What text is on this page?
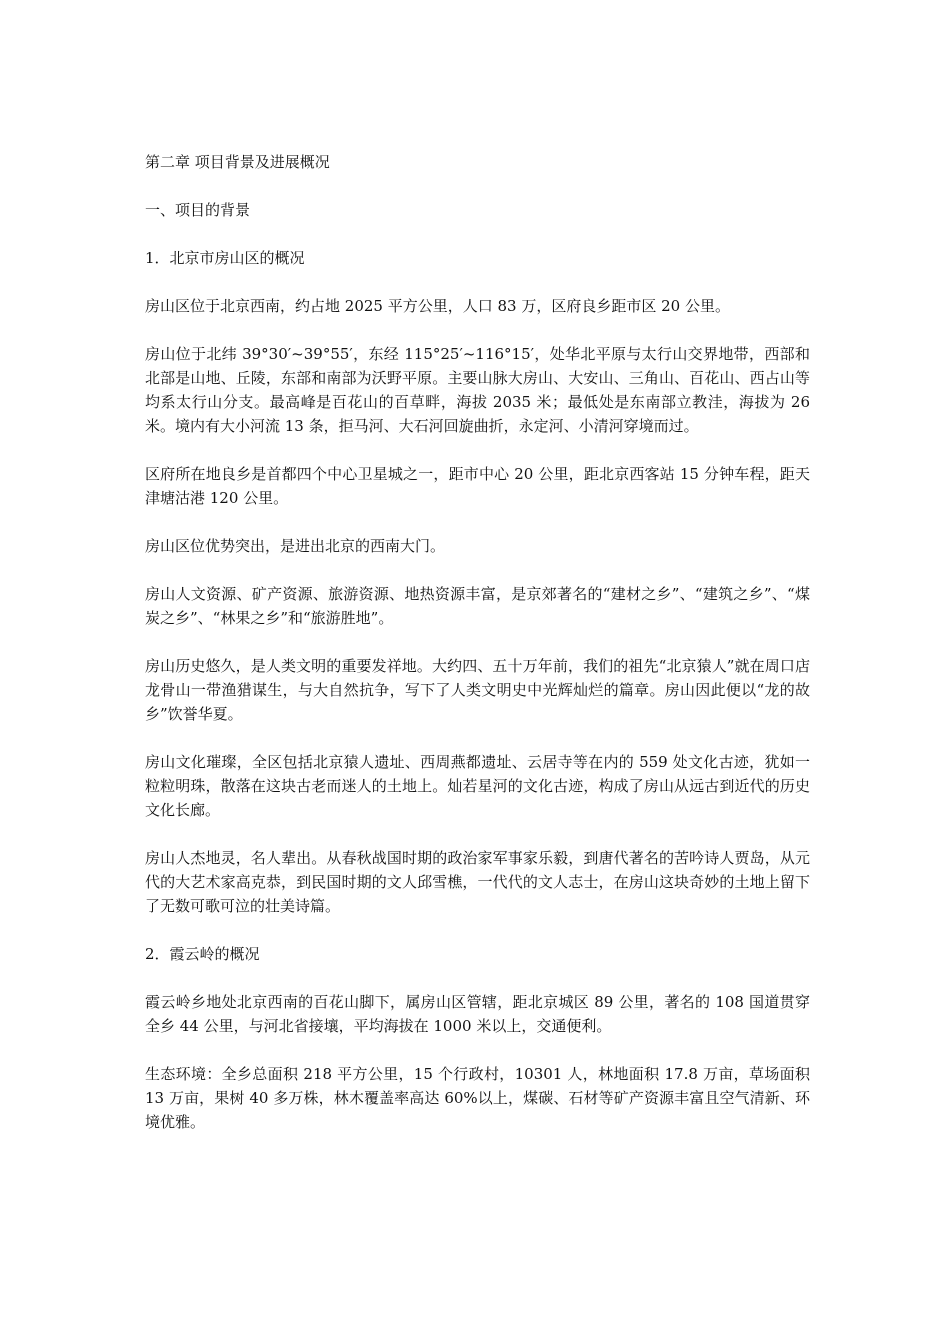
第二章 项目背景及进展概况

一、项目的背景

1．北京市房山区的概况

房山区位于北京西南，约占地 2025 平方公里，人口 83 万，区府良乡距市区 20 公里。

房山位于北纬 39°30′~39°55′，东经 115°25′~116°15′，处华北平原与太行山交界地带，西部和北部是山地、丘陵，东部和南部为沃野平原。主要山脉大房山、大安山、三角山、百花山、西占山等均系太行山分支。最高峰是百花山的百草畔，海拔 2035 米；最低处是东南部立教洼，海拔为 26 米。境内有大小河流 13 条，拒马河、大石河回旋曲折，永定河、小清河穿境而过。

区府所在地良乡是首都四个中心卫星城之一，距市中心 20 公里，距北京西客站 15 分钟车程，距天津塘沽港 120 公里。

房山区位优势突出，是进出北京的西南大门。

房山人文资源、矿产资源、旅游资源、地热资源丰富，是京郊著名的“建材之乡”、“建筑之乡”、“煤炭之乡”、“林果之乡”和“旅游胜地”。

房山历史悠久，是人类文明的重要发祥地。大约四、五十万年前，我们的祖先“北京猿人”就在周口店龙骨山一带渔猎谋生，与大自然抗争，写下了人类文明史中光辉灿烂的篇章。房山因此便以“龙的故乡”饮誉华夏。

房山文化璀璨，全区包括北京猿人遗址、西周燕都遗址、云居寺等在内的 559 处文化古迹，犹如一粒粒明珠，散落在这块古老而迷人的土地上。灿若星河的文化古迹，构成了房山从远古到近代的历史文化长廊。

房山人杰地灵，名人辈出。从春秋战国时期的政治家军事家乐毅，到唐代著名的苦吟诗人贾岛，从元代的大艺术家高克恭，到民国时期的文人邱雪樵，一代代的文人志士，在房山这块奇妙的土地上留下了无数可歌可泣的壮美诗篇。

2．霞云岭的概况

霞云岭乡地处北京西南的百花山脚下，属房山区管辖，距北京城区 89 公里，著名的 108 国道贯穿全乡 44 公里，与河北省接壤，平均海拔在 1000 米以上，交通便利。

生态环境：全乡总面积 218 平方公里，15 个行政村，10301 人，林地面积 17.8 万亩，草场面积 13 万亩，果树 40 多万株，林木覆盖率高达 60%以上，煤碳、石材等矿产资源丰富且空气清新、环境优雅。
